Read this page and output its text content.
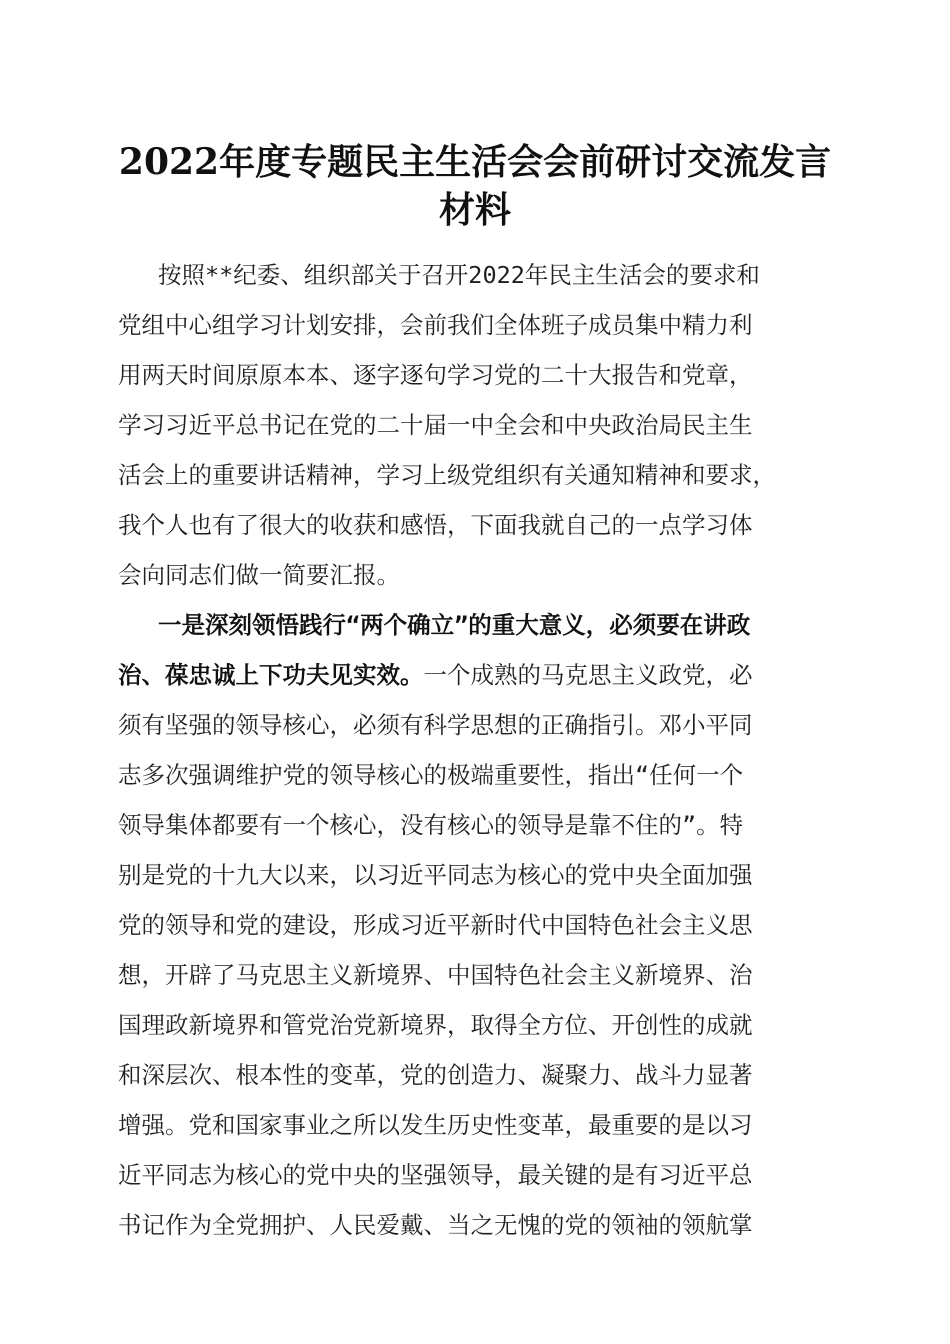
2022年度专题民主生活会会前研讨交流发言
材料
按照**纪委、组织部关于召开2022年民主生活会的要求和
党组中心组学习计划安排，会前我们全体班子成员集中精力利
用两天时间原原本本、逐字逐句学习党的二十大报告和党章，
学习习近平总书记在党的二十届一中全会和中央政治局民主生
活会上的重要讲话精神，学习上级党组织有关通知精神和要求，
我个人也有了很大的收获和感悟，下面我就自己的一点学习体
会向同志们做一简要汇报。
一是深刻领悟践行“两个确立”的重大意义，必须要在讲政
治、葆忠诚上下功夫见实效。一个成熟的马克思主义政党，必
须有坚强的领导核心，必须有科学思想的正确指引。邓小平同
志多次强调维护党的领导核心的极端重要性，指出“任何一个
领导集体都要有一个核心，没有核心的领导是靠不住的”。特
别是党的十九大以来，以习近平同志为核心的党中央全面加强
党的领导和党的建设，形成习近平新时代中国特色社会主义思
想，开辟了马克思主义新境界、中国特色社会主义新境界、治
国理政新境界和管党治党新境界，取得全方位、开创性的成就
和深层次、根本性的变革，党的创造力、凝聚力、战斗力显著
增强。党和国家事业之所以发生历史性变革，最重要的是以习
近平同志为核心的党中央的坚强领导，最关键的是有习近平总
书记作为全党拥护、人民爱戴、当之无愧的党的领袖的领航掌
